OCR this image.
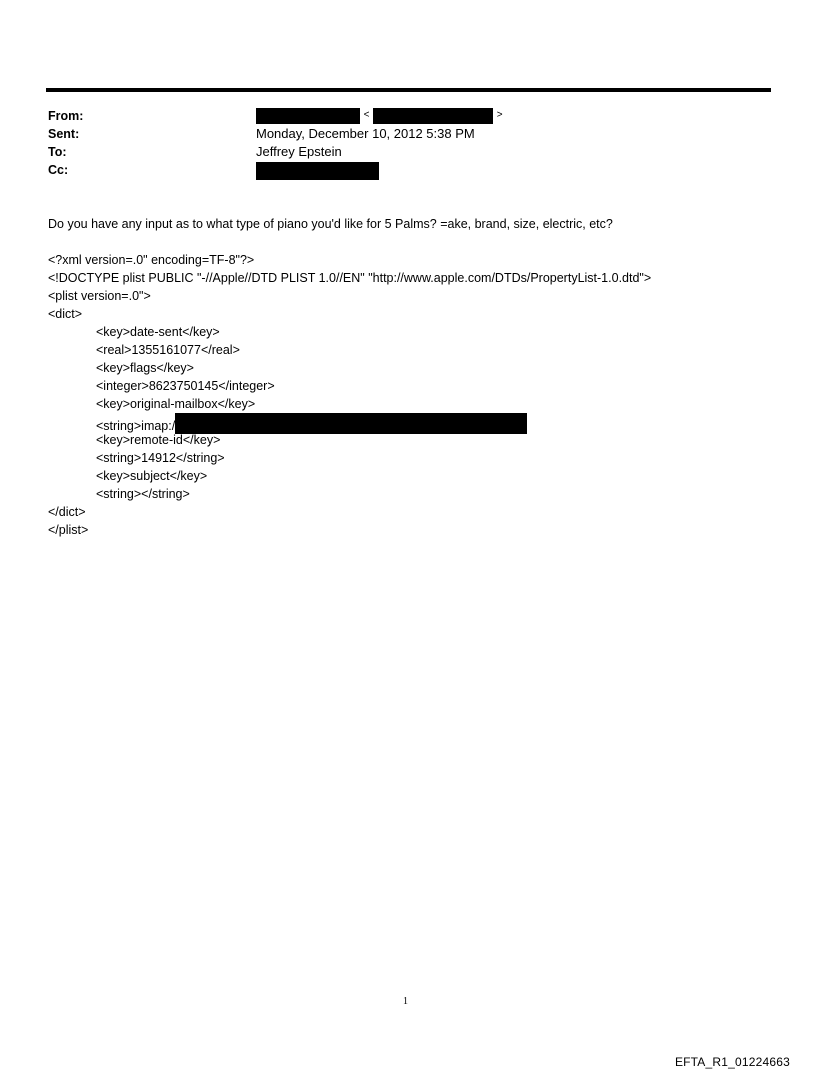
From:
Sent:
To:
Cc:
<	>
Monday, December 10, 2012 5:38 PM
Jeffrey Epstein
Do you have any input as to what type of piano you'd like for 5 Palms? =ake, brand, size, electric, etc?
<?xml version=.0" encoding=TF-8"?>
<!DOCTYPE plist PUBLIC "-//Apple//DTD PLIST 1.0//EN" "http://www.apple.com/DTDs/PropertyList-1.0.dtd">
<plist version=.0">
<dict>
<key>date-sent</key>
<real>1355161077</real>
<key>flags</key>
<integer>8623750145</integer>
<key>original-mailbox</key>
<string>imap:/
<key>remote-id</key>
<string>14912</string>
<key>subject</key>
<string></string>
</dict>
</plist>
1
EFTA_R1_01224663
